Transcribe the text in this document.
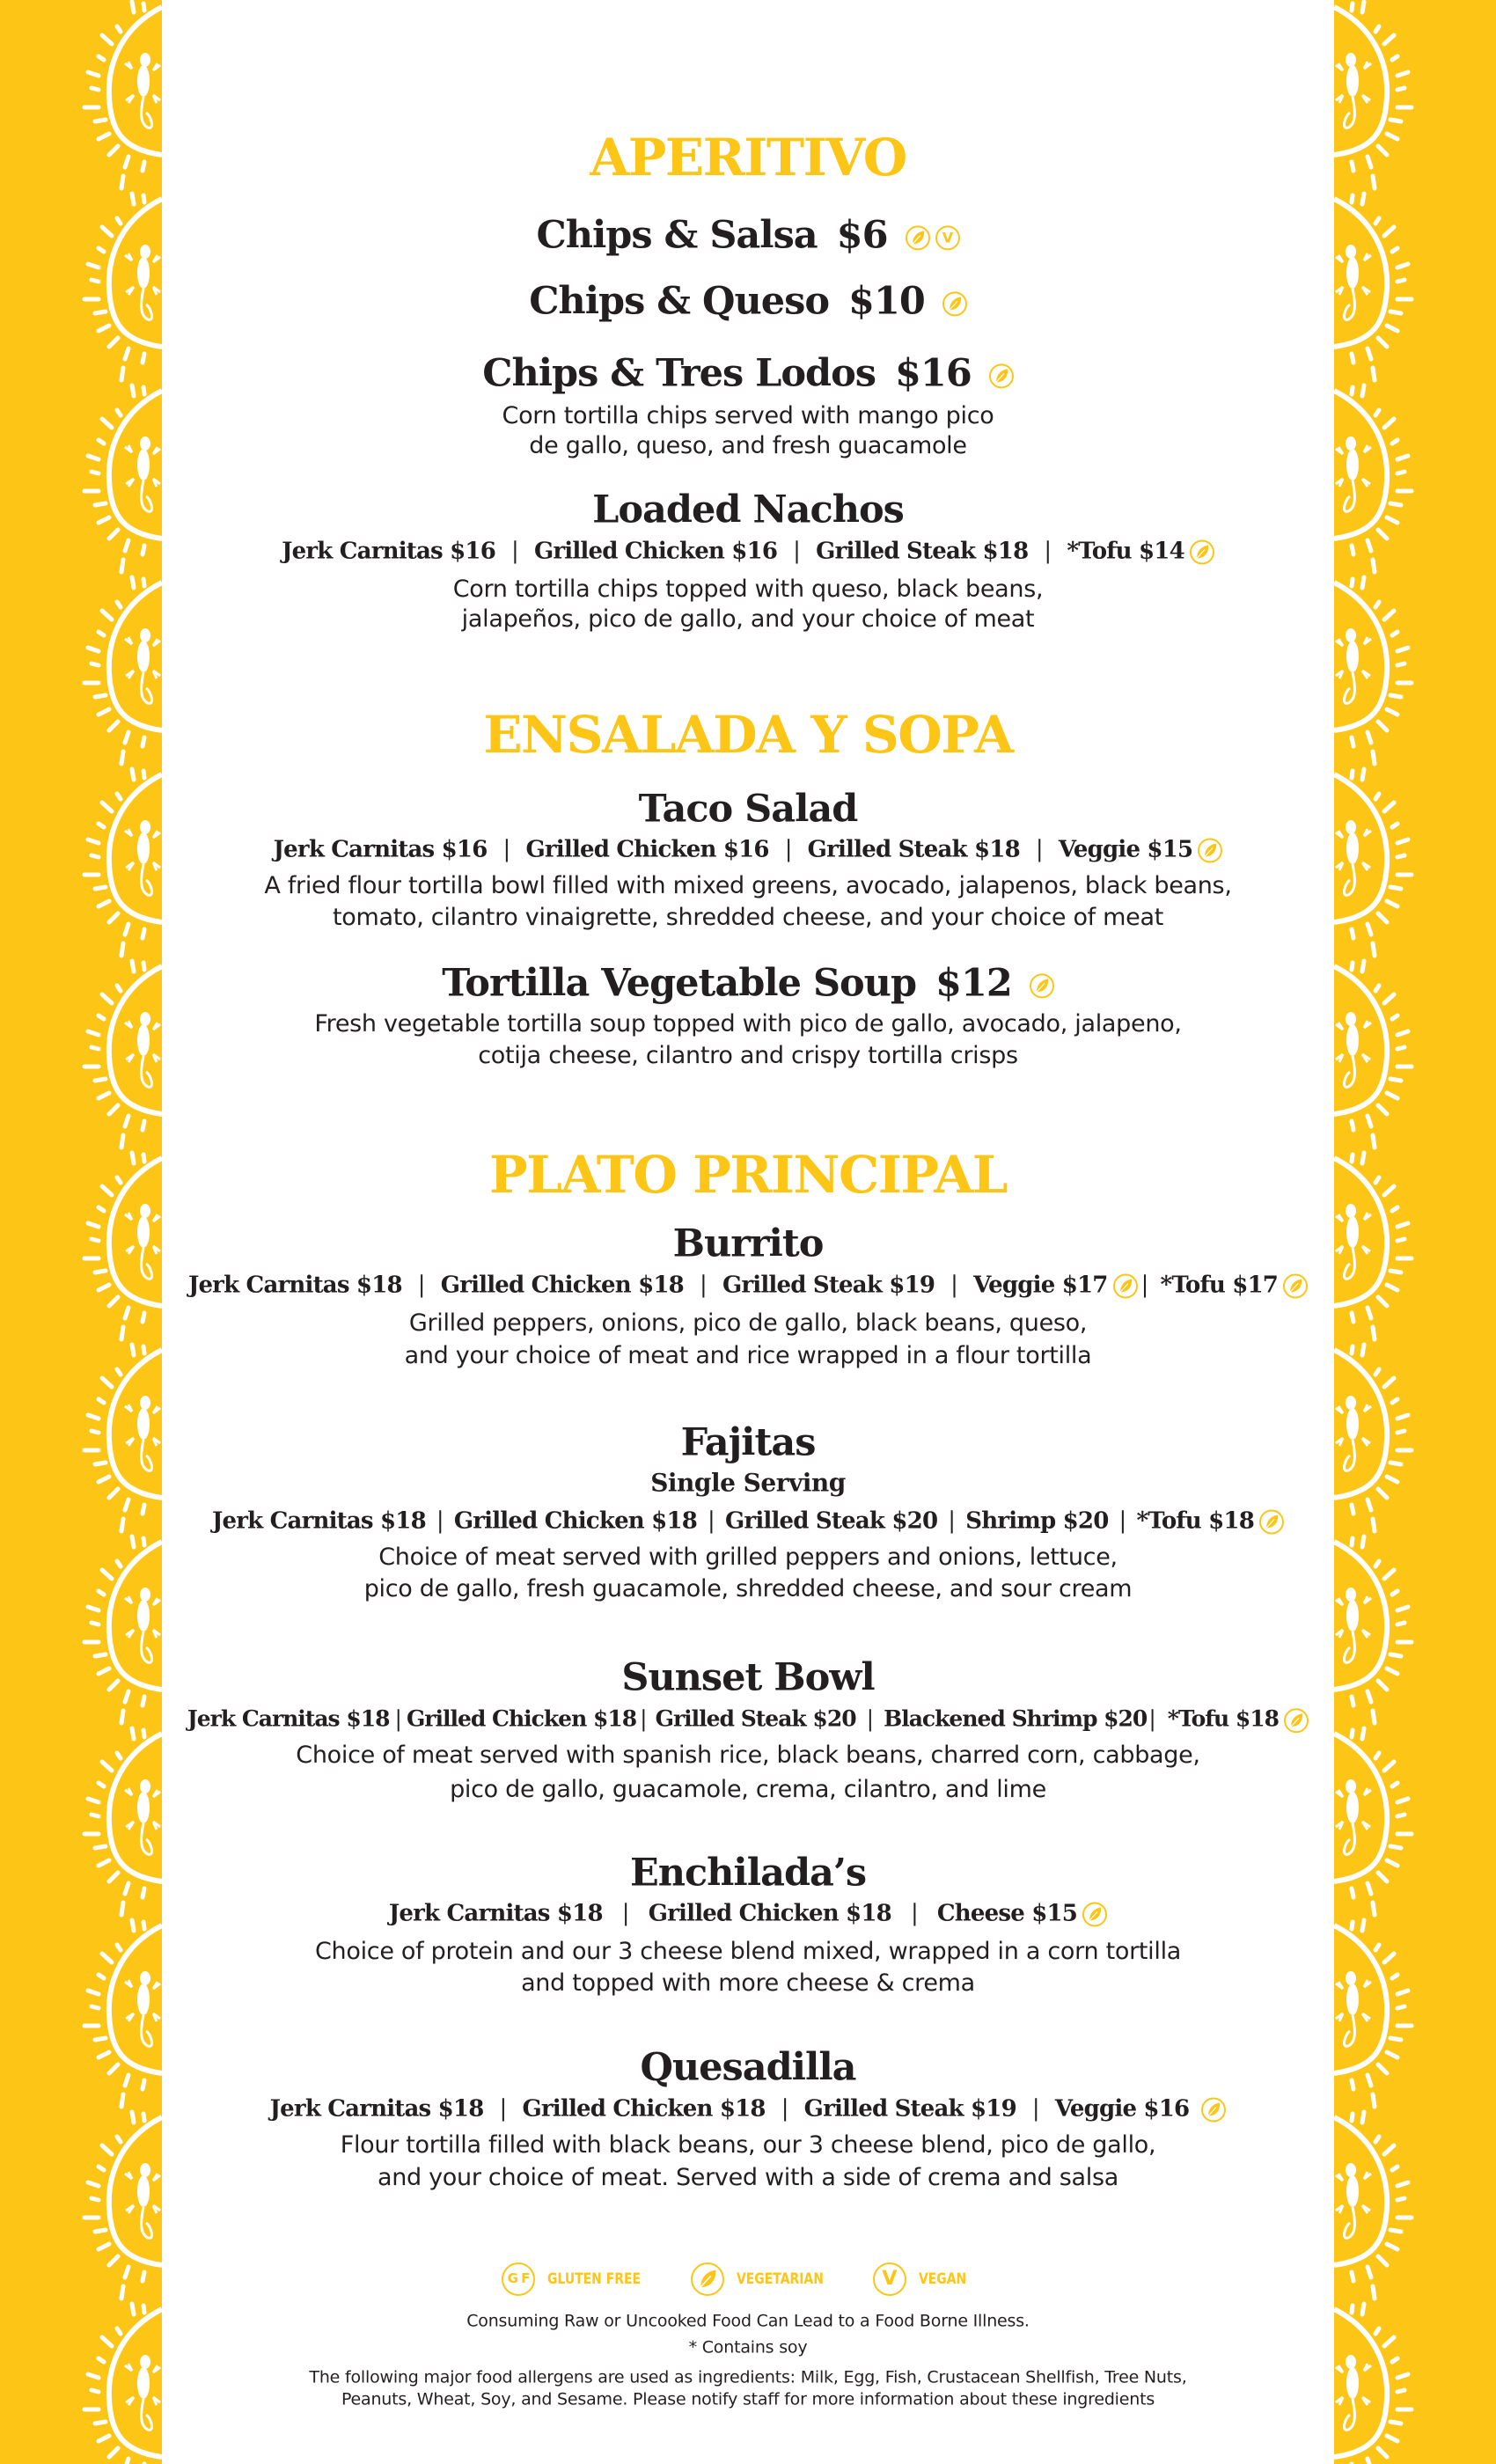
APERITIVO
Chips & Salsa $6	V
Chips & Queso $10
Chips & Tres Lodos $16
Corn tortilla chips served with mango pico
de gallo, queso, and fresh guacamole
Loaded Nachos
Jerk Carnitas $16 | Grilled Chicken $16 | Grilled Steak $18 | *Tofu $14
Corn tortilla chips topped with queso, black beans,
jalapeños, pico de gallo, and your choice of meat
ENSALADA Y SOPA
Taco Salad
Jerk Carnitas $16 | Grilled Chicken $16 | Grilled Steak $18 | Veggie $15
A fried flour tortilla bowl filled with mixed greens, avocado, jalapenos, black beans,
tomato, cilantro vinaigrette, shredded cheese, and your choice of meat
Tortilla Vegetable Soup $12
Fresh vegetable tortilla soup topped with pico de gallo, avocado, jalapeno,
cotija cheese, cilantro and crispy tortilla crisps
PLATO PRINCIPAL
Burrito
Jerk Carnitas $18 | Grilled Chicken $18 | Grilled Steak $19 | Veggie $17 | *Tofu $17
Grilled peppers, onions, pico de gallo, black beans, queso,
and your choice of meat and rice wrapped in a flour tortilla
Fajitas
Single Serving
Jerk Carnitas $18 | Grilled Chicken $18 | Grilled Steak $20 | Shrimp $20 | *Tofu $18
Choice of meat served with grilled peppers and onions, lettuce,
pico de gallo, fresh guacamole, shredded cheese, and sour cream
Sunset Bowl
Jerk Carnitas $18 | Grilled Chicken $18 | Grilled Steak $20 | Blackened Shrimp $20| *Tofu $18
Choice of meat served with spanish rice, black beans, charred corn, cabbage,
pico de gallo, guacamole, crema, cilantro, and lime
Enchilada’s
Jerk Carnitas $18 | Grilled Chicken $18 | Cheese $15
Choice of protein and our 3 cheese blend mixed, wrapped in a corn tortilla
and topped with more cheese & crema
Quesadilla
Jerk Carnitas $18 | Grilled Chicken $18 | Grilled Steak $19 | Veggie $16
Flour tortilla filled with black beans, our 3 cheese blend, pico de gallo,
and your choice of meat. Served with a side of crema and salsa
G F	GLUTEN FREE	VEGETARIAN	V	VEGAN
Consuming Raw or Uncooked Food Can Lead to a Food Borne Illness.
* Contains soy
The following major food allergens are used as ingredients: Milk, Egg, Fish, Crustacean Shellfish, Tree Nuts,
Peanuts, Wheat, Soy, and Sesame. Please notify staff for more information about these ingredients
